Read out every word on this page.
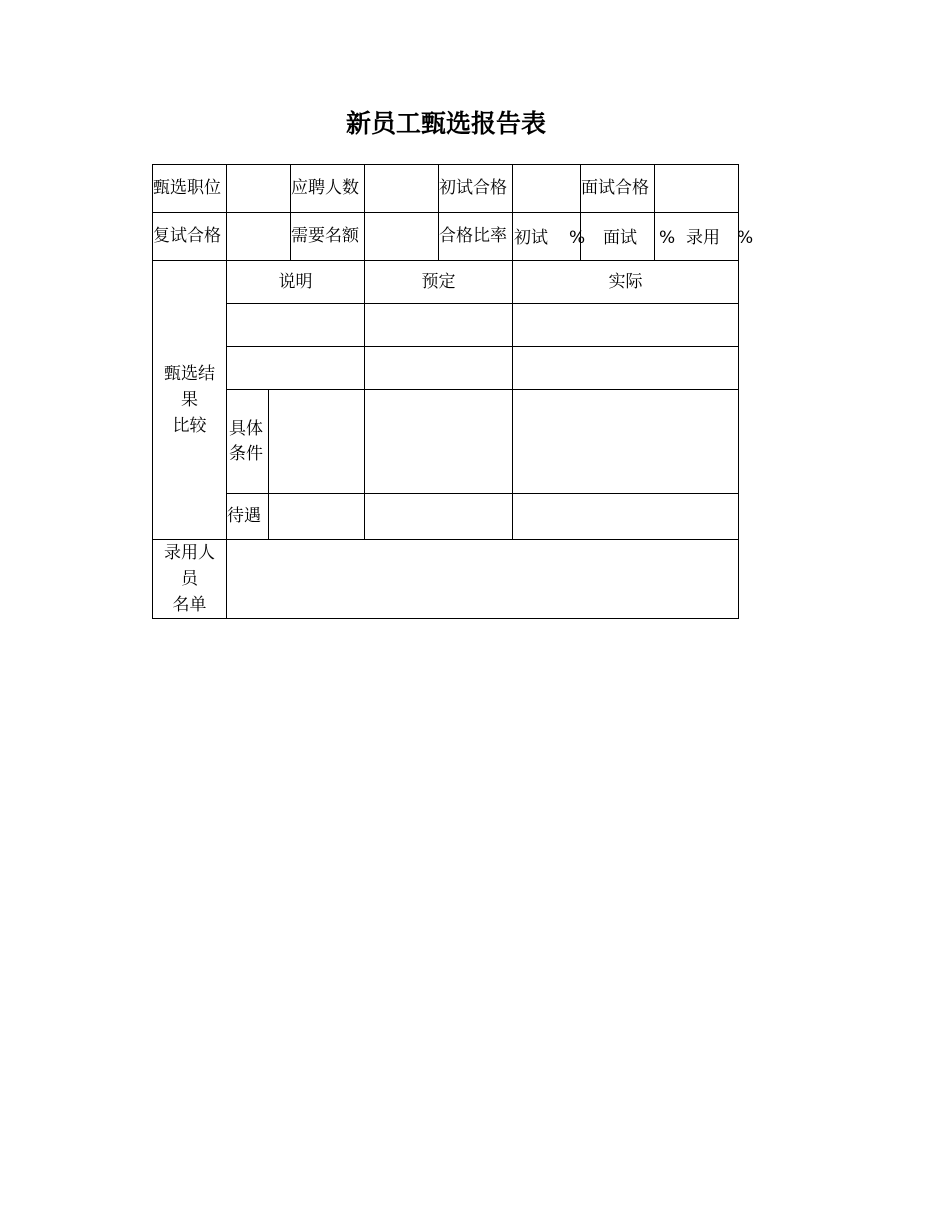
新员工甄选报告表
甄选职位			应聘人数		初试合格		面试合格	
复试合格			需要名额		合格比率	初试 %	面试 %	录用 %

甄选结
果
比较	说明			预定		实际		

	具体
条件							

	待遇							

录用人
员
名单								
